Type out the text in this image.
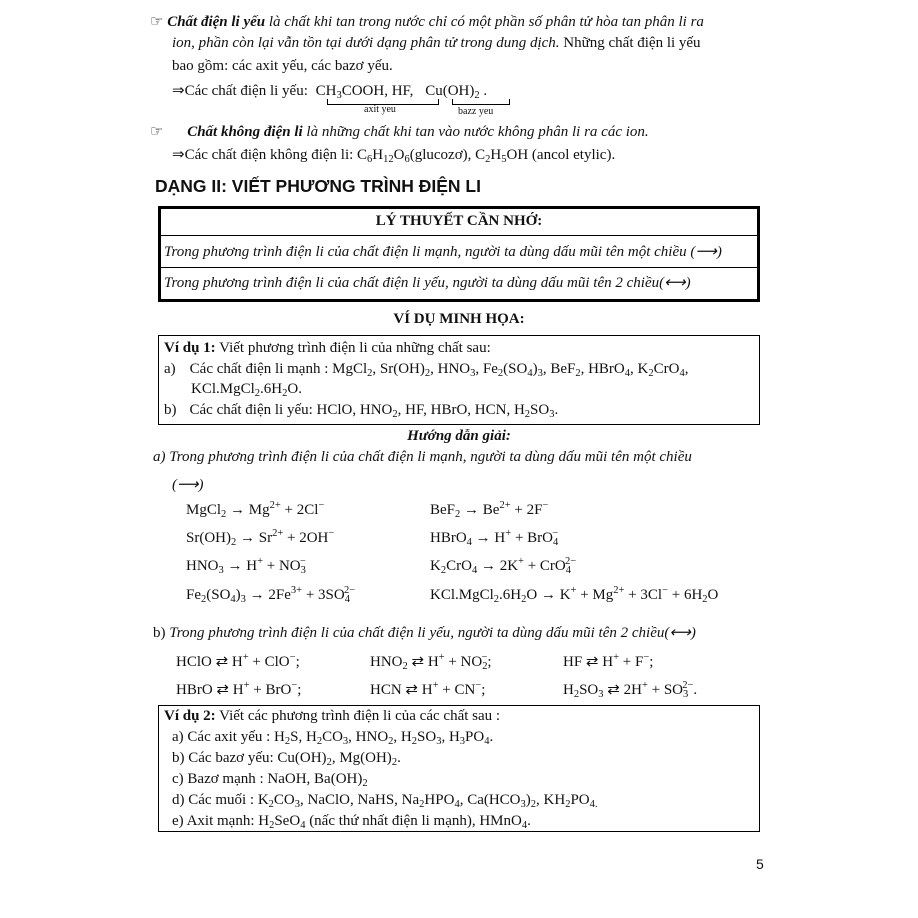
☞ Chất điện li yếu là chất khi tan trong nước chỉ có một phần số phân tử hòa tan phân li ra
ion, phần còn lại vẫn tồn tại dưới dạng phân tử trong dung dịch. Những chất điện li yếu
bao gồm: các axit yếu, các bazơ yếu.
⇒Các chất điện li yếu: $CH_3COOH$, HF, $Cu(OH)_2$ .
axit yeu	bazz yeu
☞ Chất không điện li là những chất khi tan vào nước không phân li ra các ion.
⇒Các chất điện không điện li: $C_6H_{12}O_6(glucozơ)$, $C_2H_5OH$ (ancol etylic).
DẠNG II: VIẾT PHƯƠNG TRÌNH ĐIỆN LI
LÝ THUYẾT CẦN NHỚ:
Trong phương trình điện li của chất điện li mạnh, người ta dùng dấu mũi tên một chiều (⟶)
Trong phương trình điện li của chất điện li yếu, người ta dùng dấu mũi tên 2 chiều(⟷)
VÍ DỤ MINH HỌA:
Ví dụ 1: Viết phương trình điện li của những chất sau:
a) Các chất điện li mạnh : MgCl$_2$, $Sr(OH)_2$, $HNO_3$, $Fe_2(SO_4)_3$, BeF$_2$, HBrO$_4$, $K_2CrO_4$,
$KCl.MgCl_2.6H_2O$.
b) Các chất điện li yếu: HClO, $HNO_2$, HF, HBrO, HCN, $H_2SO_3$.
Hướng dẫn giải:
a) Trong phương trình điện li của chất điện li mạnh, người ta dùng dấu mũi tên một chiều
(⟶)
MgCl$_2$ → $Mg^{2+} + 2Cl^-$	$BeF_2 \to Be^{2+} + 2F^-$
$Sr(OH)_2 \to Sr^{2+} + 2OH^-$	HBrO$_4$ → H+ + BrO$_4$−
$HNO_3 \to H^+ + NO_3^-$	$K_2CrO_4 \to 2K^+ + CrO_4^{2-}$
$Fe_2(SO_4)_3 \to 2Fe^{3+} + 3SO_4^{2-}$	$KCl.MgCl_2.6H_2O \to K^+ + Mg^{2+} + 3Cl^- + 6H_2O$
b) Trong phương trình điện li của chất điện li yếu, người ta dùng dấu mũi tên 2 chiều(⟷)
HClO ⇄ H+ + ClO−;	$HNO_2$ ⇄ $H^+ + NO_2^-$;	HF ⇄ H+ + F−;
HBrO ⇄ H+ + BrO−;	HCN ⇄ H+ + CN−;	$H_2SO_3$ ⇄ $2H^+ + SO_3^{2-}$.
Ví dụ 2: Viết các phương trình điện li của các chất sau :
a) Các axit yếu : $H_2S$, $H_2CO_3$, $HNO_2$, $H_2SO_3$, $H_3PO_4$.
b) Các bazơ yếu: $Cu(OH)_2$, $Mg(OH)_2$.
c) Bazơ mạnh : NaOH, $Ba(OH)_2$
d) Các muối : $K_2CO_3$, NaClO, NaHS, $Na_2HPO_4$, $Ca(HCO_3)_2$, $KH_2PO_{4.}$
e) Axit mạnh: $H_2SeO_4$ (nấc thứ nhất điện li mạnh), HMnO$_4$.
5
